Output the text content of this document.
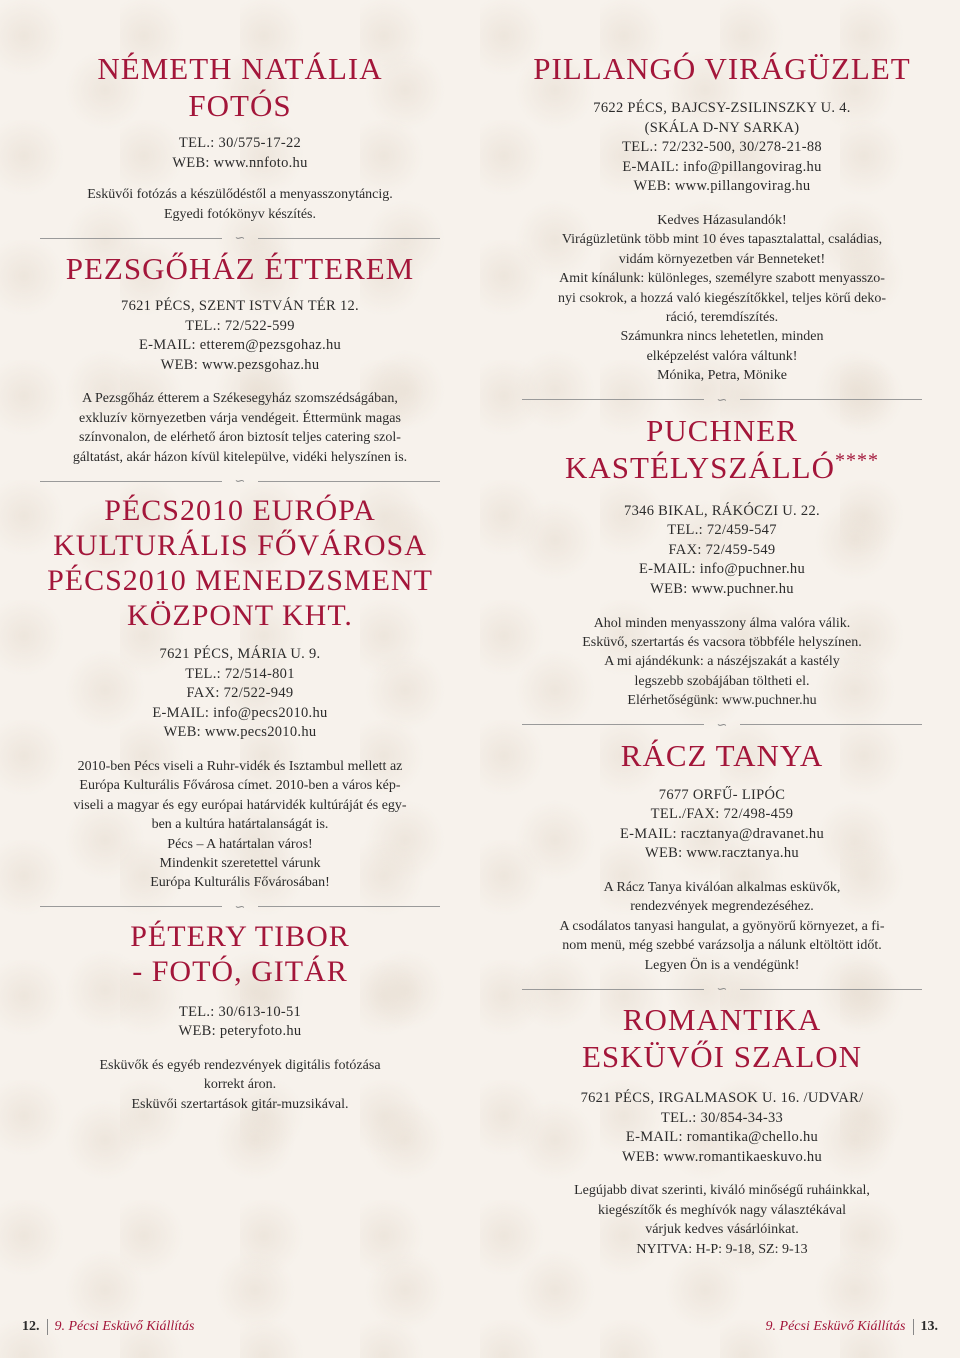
NÉMETH NATÁLIA
FOTÓS
TEL.: 30/575-17-22
WEB: www.nnfoto.hu
Esküvői fotózás a készülődéstől a menyasszonytáncig.
Egyedi fotókönyv készítés.
∽
PEZSGŐHÁZ ÉTTEREM
7621 PÉCS, SZENT ISTVÁN TÉR 12.
TEL.: 72/522-599
E-MAIL: etterem@pezsgohaz.hu
WEB: www.pezsgohaz.hu
A Pezsgőház étterem a Székesegyház szomszédságában,
exkluzív környezetben várja vendégeit. Éttermünk magas
színvonalon, de elérhető áron biztosít teljes catering szol-
gáltatást, akár házon kívül kitelepülve, vidéki helyszínen is.
∽
PÉCS2010 EURÓPA
KULTURÁLIS FŐVÁROSA
PÉCS2010 MENEDZSMENT
KÖZPONT KHT.
7621 PÉCS, MÁRIA U. 9.
TEL.: 72/514-801
FAX: 72/522-949
E-MAIL: info@pecs2010.hu
WEB: www.pecs2010.hu
2010-ben Pécs viseli a Ruhr-vidék és Isztambul mellett az
Európa Kulturális Fővárosa címet. 2010-ben a város kép-
viseli a magyar és egy európai határvidék kultúráját és egy-
ben a kultúra határtalanságát is.
Pécs – A határtalan város!
Mindenkit szeretettel várunk
Európa Kulturális Fővárosában!
∽
PÉTERY TIBOR
- FOTÓ, GITÁR
TEL.: 30/613-10-51
WEB: peteryfoto.hu
Esküvők és egyéb rendezvények digitális fotózása
korrekt áron.
Esküvői szertartások gitár-muzsikával.
PILLANGÓ VIRÁGÜZLET
7622 PÉCS, BAJCSY-ZSILINSZKY U. 4.
(SKÁLA D-NY SARKA)
TEL.: 72/232-500, 30/278-21-88
E-MAIL: info@pillangovirag.hu
WEB: www.pillangovirag.hu
Kedves Házasulandók!
Virágüzletünk több mint 10 éves tapasztalattal, családias,
vidám környezetben vár Benneteket!
Amit kínálunk: különleges, személyre szabott menyasszo-
nyi csokrok, a hozzá való kiegészítőkkel, teljes körű deko-
ráció, teremdíszítés.
Számunkra nincs lehetetlen, minden
elképzelést valóra váltunk!
Mónika, Petra, Mönike
∽
PUCHNER
KASTÉLYSZÁLLÓ****
7346 BIKAL, RÁKÓCZI U. 22.
TEL.: 72/459-547
FAX: 72/459-549
E-MAIL: info@puchner.hu
WEB: www.puchner.hu
Ahol minden menyasszony álma valóra válik.
Esküvő, szertartás és vacsora többféle helyszínen.
A mi ajándékunk: a nászéjszakát a kastély
legszebb szobájában töltheti el.
Elérhetőségünk: www.puchner.hu
∽
RÁCZ TANYA
7677 ORFŰ- LIPÓC
TEL./FAX: 72/498-459
E-MAIL: racztanya@dravanet.hu
WEB: www.racztanya.hu
A Rácz Tanya kiválóan alkalmas esküvők,
rendezvények megrendezéséhez.
A csodálatos tanyasi hangulat, a gyönyörű környezet, a fi-
nom menü, még szebbé varázsolja a nálunk eltöltött időt.
Legyen Ön is a vendégünk!
∽
ROMANTIKA
ESKÜVŐI SZALON
7621 PÉCS, IRGALMASOK U. 16. /UDVAR/
TEL.: 30/854-34-33
E-MAIL: romantika@chello.hu
WEB: www.romantikaeskuvo.hu
Legújabb divat szerinti, kiváló minőségű ruháinkkal,
kiegészítők és meghívók nagy választékával
várjuk kedves vásárlóinkat.
NYITVA: H-P: 9-18, SZ: 9-13
12. 9. Pécsi Esküvő Kiállítás	9. Pécsi Esküvő Kiállítás 13.
